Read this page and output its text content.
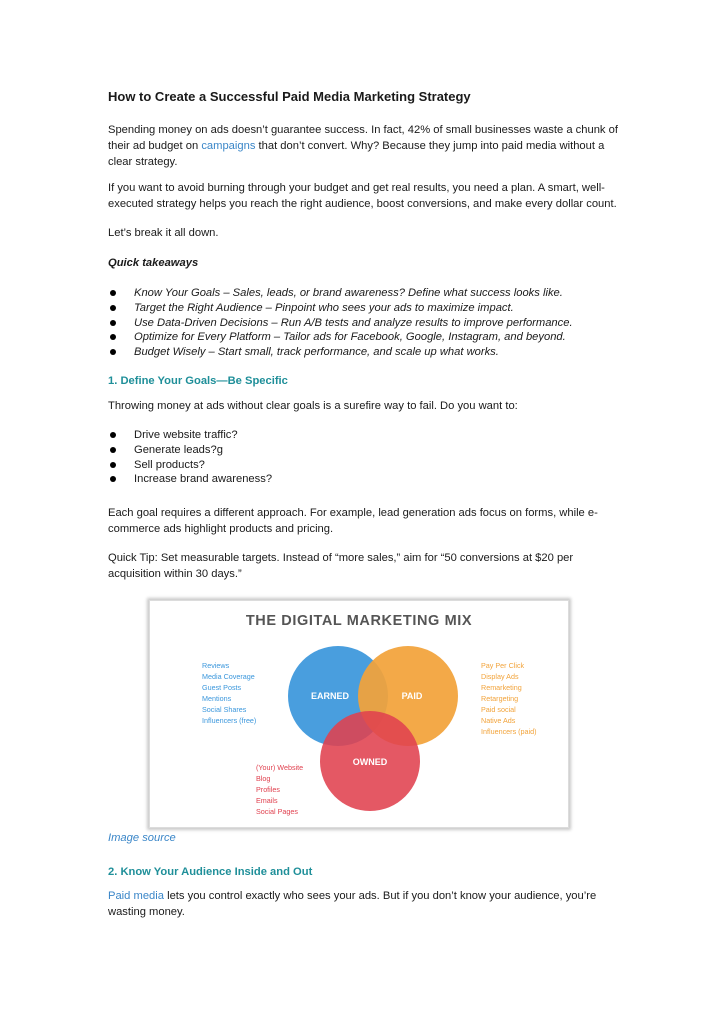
How to Create a Successful Paid Media Marketing Strategy

Spending money on ads doesn’t guarantee success. In fact, 42% of small businesses waste a chunk of
their ad budget on campaigns that don’t convert. Why? Because they jump into paid media without a
clear strategy.

If you want to avoid burning through your budget and get real results, you need a plan. A smart, well-
executed strategy helps you reach the right audience, boost conversions, and make every dollar count.

Let’s break it all down.

Quick takeaways

Know Your Goals – Sales, leads, or brand awareness? Define what success looks like.
Target the Right Audience – Pinpoint who sees your ads to maximize impact.
Use Data-Driven Decisions – Run A/B tests and analyze results to improve performance.
Optimize for Every Platform – Tailor ads for Facebook, Google, Instagram, and beyond.
Budget Wisely – Start small, track performance, and scale up what works.
1. Define Your Goals—Be Specific

Throwing money at ads without clear goals is a surefire way to fail. Do you want to:

Drive website traffic?
Generate leads?g
Sell products?
Increase brand awareness?

Each goal requires a different approach. For example, lead generation ads focus on forms, while e-
commerce ads highlight products and pricing.

Quick Tip: Set measurable targets. Instead of “more sales,” aim for “50 conversions at $20 per
acquisition within 30 days.”

THE DIGITAL MARKETING MIX
EARNED	PAID
OWNED
Reviews
Media Coverage
Guest Posts
Mentions
Social Shares
Influencers (free)
Pay Per Click
Display Ads
Remarketing
Retargeting
Paid social
Native Ads
Influencers (paid)
(Your) Website
Blog
Profiles
Emails
Social Pages

Image source

2. Know Your Audience Inside and Out

Paid media lets you control exactly who sees your ads. But if you don’t know your audience, you’re
wasting money.
